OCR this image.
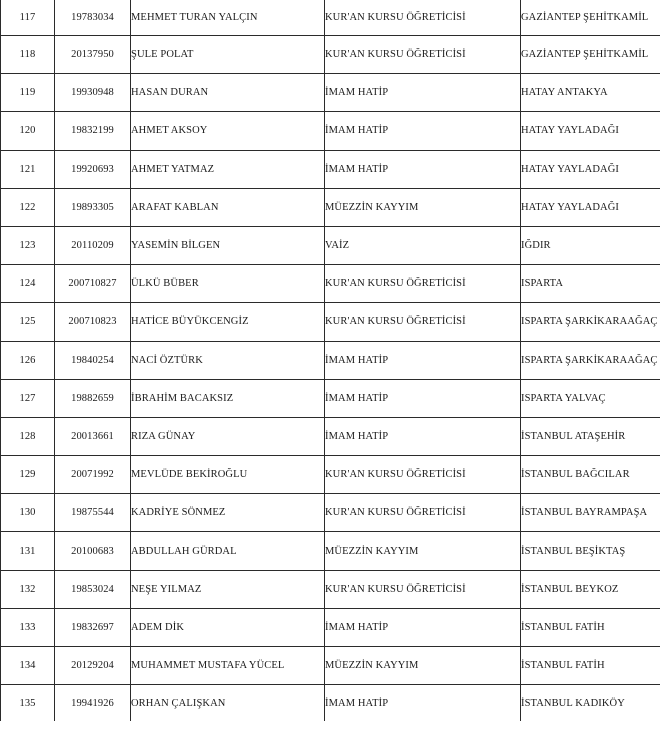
117	19783034	MEHMET TURAN YALÇIN	KUR'AN KURSU ÖĞRETİCİSİ	GAZİANTEP ŞEHİTKAMİL
118	20137950	ŞULE POLAT	KUR'AN KURSU ÖĞRETİCİSİ	GAZİANTEP ŞEHİTKAMİL
119	19930948	HASAN DURAN	İMAM HATİP	HATAY ANTAKYA
120	19832199	AHMET AKSOY	İMAM HATİP	HATAY YAYLADAĞI
121	19920693	AHMET YATMAZ	İMAM HATİP	HATAY YAYLADAĞI
122	19893305	ARAFAT KABLAN	MÜEZZİN KAYYIM	HATAY YAYLADAĞI
123	20110209	YASEMİN BİLGEN	VAİZ	IĞDIR
124	200710827	ÜLKÜ BÜBER	KUR'AN KURSU ÖĞRETİCİSİ	ISPARTA
125	200710823	HATİCE BÜYÜKCENGİZ	KUR'AN KURSU ÖĞRETİCİSİ	ISPARTA ŞARKİKARAAĞAÇ
126	19840254	NACİ ÖZTÜRK	İMAM HATİP	ISPARTA ŞARKİKARAAĞAÇ
127	19882659	İBRAHİM BACAKSIZ	İMAM HATİP	ISPARTA YALVAÇ
128	20013661	RIZA GÜNAY	İMAM HATİP	İSTANBUL ATAŞEHİR
129	20071992	MEVLÜDE BEKİROĞLU	KUR'AN KURSU ÖĞRETİCİSİ	İSTANBUL BAĞCILAR
130	19875544	KADRİYE SÖNMEZ	KUR'AN KURSU ÖĞRETİCİSİ	İSTANBUL BAYRAMPAŞA
131	20100683	ABDULLAH GÜRDAL	MÜEZZİN KAYYIM	İSTANBUL BEŞİKTAŞ
132	19853024	NEŞE YILMAZ	KUR'AN KURSU ÖĞRETİCİSİ	İSTANBUL BEYKOZ
133	19832697	ADEM DİK	İMAM HATİP	İSTANBUL FATİH
134	20129204	MUHAMMET MUSTAFA YÜCEL	MÜEZZİN KAYYIM	İSTANBUL FATİH
135	19941926	ORHAN ÇALIŞKAN	İMAM HATİP	İSTANBUL KADIKÖY
